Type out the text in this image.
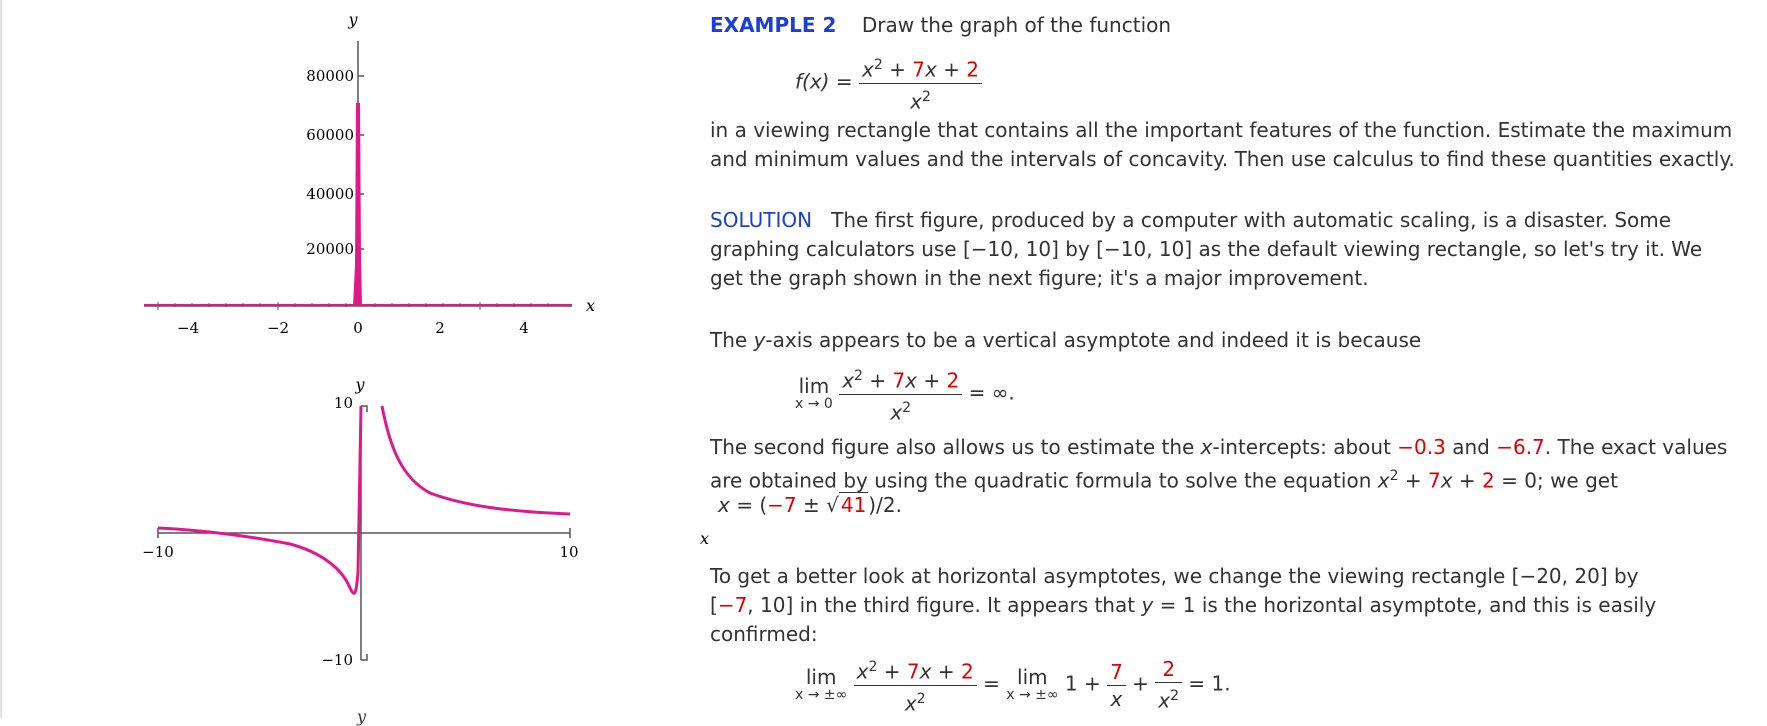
y
x
80000
60000
40000
20000
−4	−2	0	2	4
y
10
−10
x
−10	10
y
EXAMPLE 2 Draw the graph of the function
$f(x) = \frac{x^2 + 7x + 2}{x^2}$
in a viewing rectangle that contains all the important features of the function. Estimate the maximum
and minimum values and the intervals of concavity. Then use calculus to find these quantities exactly.
SOLUTION The first figure, produced by a computer with automatic scaling, is a disaster. Some
graphing calculators use [−10, 10] by [−10, 10] as the default viewing rectangle, so let's try it. We
get the graph shown in the next figure; it's a major improvement.
The y-axis appears to be a vertical asymptote and indeed it is because
lim
x → 0
$\frac{x^2 + 7x + 2}{x^2}$ = ∞.
The second figure also allows us to estimate the x-intercepts: about −0.3 and −6.7. The exact values
are obtained by using the quadratic formula to solve the equation $x^2 + 7x + 2 = 0$; we get
x = (−7 ± √ 41 )/2.
To get a better look at horizontal asymptotes, we change the viewing rectangle [−20, 20] by
[−7, 10] in the third figure. It appears that y = 1 is the horizontal asymptote, and this is easily
confirmed:
lim
x → ±∞
$\frac{x^2 + 7x + 2}{x^2} = \lim$
x → ±∞ $1 + \frac{7}{x} + \frac{2}{x^2} = 1$.
